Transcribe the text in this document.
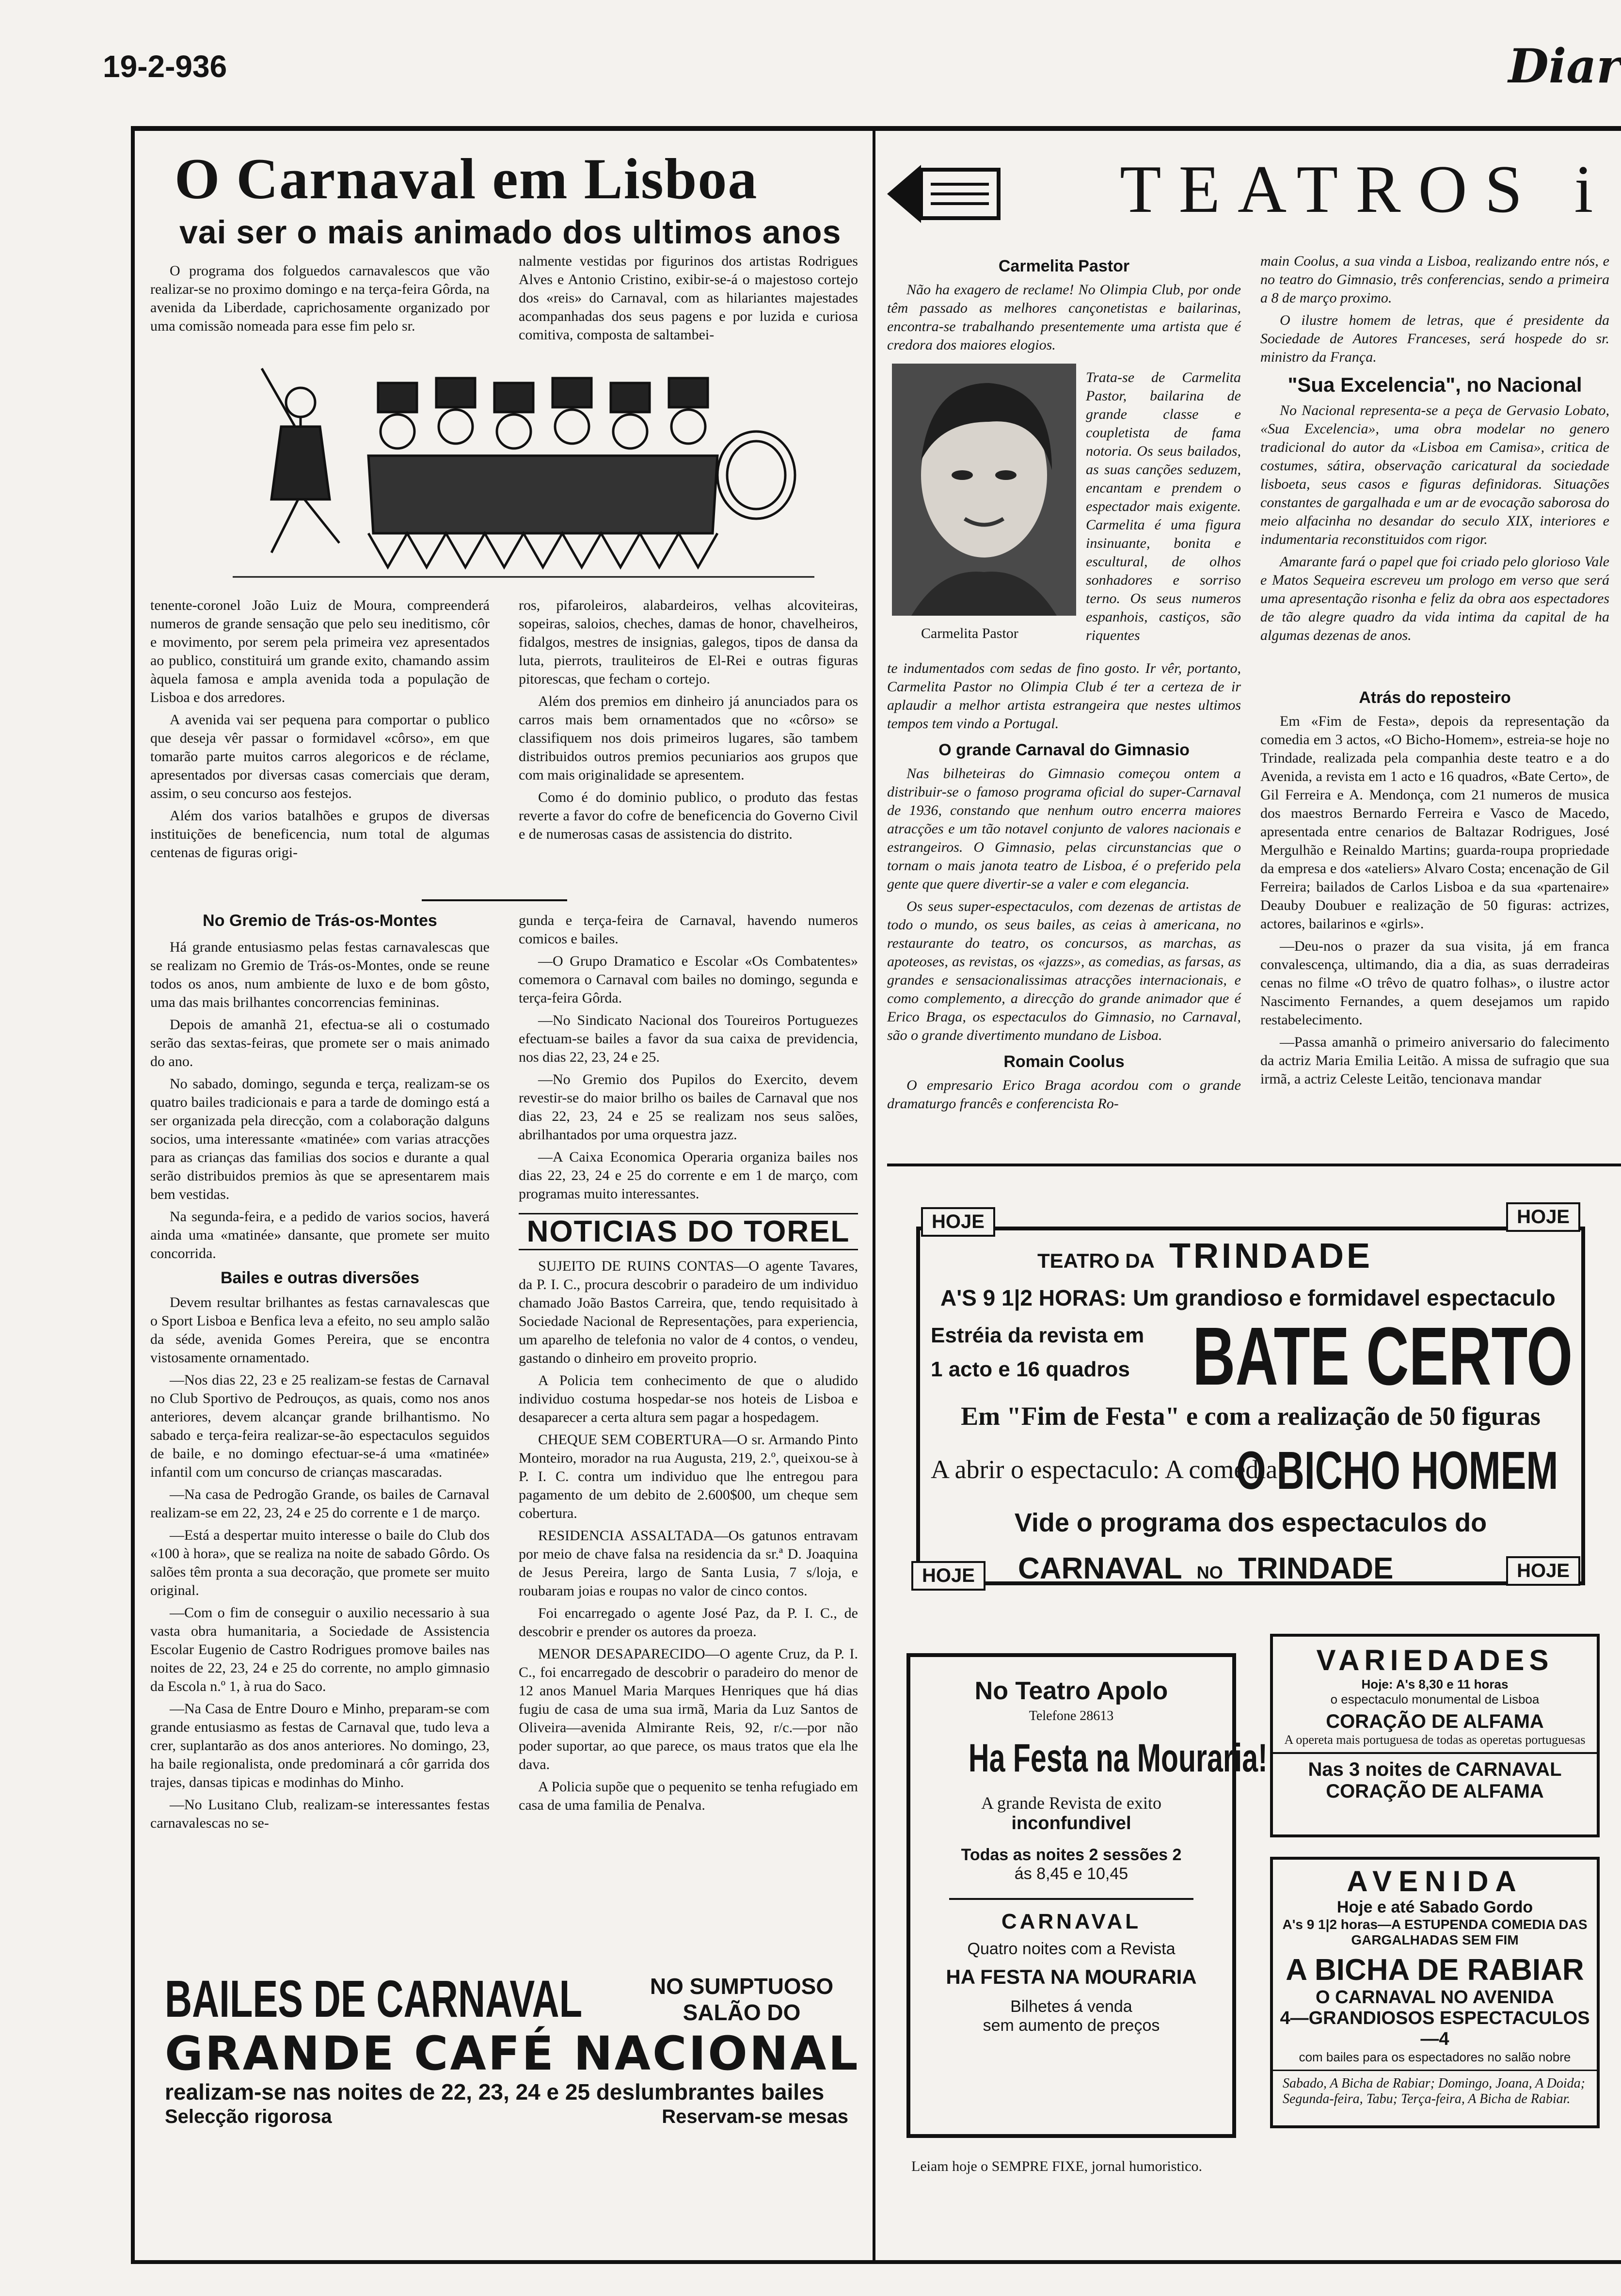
19-2-936	Diar
O Carnaval em Lisboa
vai ser o mais animado dos ultimos anos

O programa dos folguedos carnavalescos que vão realizar-se no proximo domingo e na terça-feira Gôrda, na avenida da Liberdade, caprichosamente organizado por uma comissão nomeada para esse fim pelo sr.

nalmente vestidas por figurinos dos artistas Rodrigues Alves e Antonio Cristino, exibir-se-á o majestoso cortejo dos «reis» do Carnaval, com as hilariantes majestades acompanhadas dos seus pagens e por luzida e curiosa comitiva, composta de saltambei-

tenente-coronel João Luiz de Moura, compreenderá numeros de grande sensação que pelo seu ineditismo, côr e movimento, por serem pela primeira vez apresentados ao publico, constituirá um grande exito, chamando assim àquela famosa e ampla avenida toda a população de Lisboa e dos arredores.

A avenida vai ser pequena para comportar o publico que deseja vêr passar o formidavel «côrso», em que tomarão parte muitos carros alegoricos e de réclame, apresentados por diversas casas comerciais que deram, assim, o seu concurso aos festejos.

Além dos varios batalhões e grupos de diversas instituições de beneficencia, num total de algumas centenas de figuras origi-

ros, pifaroleiros, alabardeiros, velhas alcoviteiras, sopeiras, saloios, cheches, damas de honor, chavelheiros, fidalgos, mestres de insignias, galegos, tipos de dansa da luta, pierrots, trauliteiros de El-Rei e outras figuras pitorescas, que fecham o cortejo.

Além dos premios em dinheiro já anunciados para os carros mais bem ornamentados que no «côrso» se classifiquem nos dois primeiros lugares, são tambem distribuidos outros premios pecuniarios aos grupos que com mais originalidade se apresentem.

Como é do dominio publico, o produto das festas reverte a favor do cofre de beneficencia do Governo Civil e de numerosas casas de assistencia do distrito.

No Gremio de Trás-os-Montes

Há grande entusiasmo pelas festas carnavalescas que se realizam no Gremio de Trás-os-Montes, onde se reune todos os anos, num ambiente de luxo e de bom gôsto, uma das mais brilhantes concorrencias femininas.

Depois de amanhã 21, efectua-se ali o costumado serão das sextas-feiras, que promete ser o mais animado do ano.

No sabado, domingo, segunda e terça, realizam-se os quatro bailes tradicionais e para a tarde de domingo está a ser organizada pela direcção, com a colaboração dalguns socios, uma interessante «matinée» com varias atracções para as crianças das familias dos socios e durante a qual serão distribuidos premios às que se apresentarem mais bem vestidas.

Na segunda-feira, e a pedido de varios socios, haverá ainda uma «matinée» dansante, que promete ser muito concorrida.

Bailes e outras diversões

Devem resultar brilhantes as festas carnavalescas que o Sport Lisboa e Benfica leva a efeito, no seu amplo salão da séde, avenida Gomes Pereira, que se encontra vistosamente ornamentado.

—Nos dias 22, 23 e 25 realizam-se festas de Carnaval no Club Sportivo de Pedrouços, as quais, como nos anos anteriores, devem alcançar grande brilhantismo. No sabado e terça-feira realizar-se-ão espectaculos seguidos de baile, e no domingo efectuar-se-á uma «matinée» infantil com um concurso de crianças mascaradas.

—Na casa de Pedrogão Grande, os bailes de Carnaval realizam-se em 22, 23, 24 e 25 do corrente e 1 de março.

—Está a despertar muito interesse o baile do Club dos «100 à hora», que se realiza na noite de sabado Gôrdo. Os salões têm pronta a sua decoração, que promete ser muito original.

—Com o fim de conseguir o auxilio necessario à sua vasta obra humanitaria, a Sociedade de Assistencia Escolar Eugenio de Castro Rodrigues promove bailes nas noites de 22, 23, 24 e 25 do corrente, no amplo gimnasio da Escola n.º 1, à rua do Saco.

—Na Casa de Entre Douro e Minho, preparam-se com grande entusiasmo as festas de Carnaval que, tudo leva a crer, suplantarão as dos anos anteriores. No domingo, 23, ha baile regionalista, onde predominará a côr garrida dos trajes, dansas tipicas e modinhas do Minho.

—No Lusitano Club, realizam-se interessantes festas carnavalescas no se-

gunda e terça-feira de Carnaval, havendo numeros comicos e bailes.

—O Grupo Dramatico e Escolar «Os Combatentes» comemora o Carnaval com bailes no domingo, segunda e terça-feira Gôrda.

—No Sindicato Nacional dos Toureiros Portuguezes efectuam-se bailes a favor da sua caixa de previdencia, nos dias 22, 23, 24 e 25.

—No Gremio dos Pupilos do Exercito, devem revestir-se do maior brilho os bailes de Carnaval que nos dias 22, 23, 24 e 25 se realizam nos seus salões, abrilhantados por uma orquestra jazz.

—A Caixa Economica Operaria organiza bailes nos dias 22, 23, 24 e 25 do corrente e em 1 de março, com programas muito interessantes.

NOTICIAS DO TOREL

SUJEITO DE RUINS CONTAS—O agente Tavares, da P. I. C., procura descobrir o paradeiro de um individuo chamado João Bastos Carreira, que, tendo requisitado à Sociedade Nacional de Representações, para experiencia, um aparelho de telefonia no valor de 4 contos, o vendeu, gastando o dinheiro em proveito proprio.

A Policia tem conhecimento de que o aludido individuo costuma hospedar-se nos hoteis de Lisboa e desaparecer a certa altura sem pagar a hospedagem.

CHEQUE SEM COBERTURA—O sr. Armando Pinto Monteiro, morador na rua Augusta, 219, 2.º, queixou-se à P. I. C. contra um individuo que lhe entregou para pagamento de um debito de 2.600$00, um cheque sem cobertura.

RESIDENCIA ASSALTADA—Os gatunos entravam por meio de chave falsa na residencia da sr.ª D. Joaquina de Jesus Pereira, largo de Santa Lusia, 7 s/loja, e roubaram joias e roupas no valor de cinco contos.

Foi encarregado o agente José Paz, da P. I. C., de descobrir e prender os autores da proeza.

MENOR DESAPARECIDO—O agente Cruz, da P. I. C., foi encarregado de descobrir o paradeiro do menor de 12 anos Manuel Maria Marques Henriques que há dias fugiu de casa de uma sua irmã, Maria da Luz Santos de Oliveira—avenida Almirante Reis, 92, r/c.—por não poder suportar, ao que parece, os maus tratos que ela lhe dava.

A Policia supõe que o pequenito se tenha refugiado em casa de uma familia de Penalva.

BAILES DE CARNAVAL	NO SUMPTUOSO
SALÃO DO
GRANDE CAFÉ NACIONAL
realizam-se nas noites de 22, 23, 24 e 25 deslumbrantes bailes
Selecção rigorosa	Reservam-se mesas
TEATROS i
Carmelita Pastor

Não ha exagero de reclame! No Olimpia Club, por onde têm passado as melhores cançonetistas e bailarinas, encontra-se trabalhando presentemente uma artista que é credora dos maiores elogios.

Carmelita Pastor

Trata-se de Carmelita Pastor, bailarina de grande classe e coupletista de fama notoria. Os seus bailados, as suas canções seduzem, encantam e prendem o espectador mais exigente. Carmelita é uma figura insinuante, bonita e escultural, de olhos sonhadores e sorriso terno. Os seus numeros espanhois, castiços, são riquentes

te indumentados com sedas de fino gosto. Ir vêr, portanto, Carmelita Pastor no Olimpia Club é ter a certeza de ir aplaudir a melhor artista estrangeira que nestes ultimos tempos tem vindo a Portugal.

O grande Carnaval do Gimnasio

Nas bilheteiras do Gimnasio começou ontem a distribuir-se o famoso programa oficial do super-Carnaval de 1936, constando que nenhum outro encerra maiores atracções e um tão notavel conjunto de valores nacionais e estrangeiros. O Gimnasio, pelas circunstancias que o tornam o mais janota teatro de Lisboa, é o preferido pela gente que quere divertir-se a valer e com elegancia.

Os seus super-espectaculos, com dezenas de artistas de todo o mundo, os seus bailes, as ceias à americana, no restaurante do teatro, os concursos, as marchas, as apoteoses, as revistas, os «jazzs», as comedias, as farsas, as grandes e sensacionalissimas atracções internacionais, e como complemento, a direcção do grande animador que é Erico Braga, os espectaculos do Gimnasio, no Carnaval, são o grande divertimento mundano de Lisboa.

Romain Coolus

O empresario Erico Braga acordou com o grande dramaturgo francês e conferencista Ro-

main Coolus, a sua vinda a Lisboa, realizando entre nós, e no teatro do Gimnasio, três conferencias, sendo a primeira a 8 de março proximo.

O ilustre homem de letras, que é presidente da Sociedade de Autores Franceses, será hospede do sr. ministro da França.

"Sua Excelencia", no Nacional

No Nacional representa-se a peça de Gervasio Lobato, «Sua Excelencia», uma obra modelar no genero tradicional do autor da «Lisboa em Camisa», critica de costumes, sátira, observação caricatural da sociedade lisboeta, seus casos e figuras definidoras. Situações constantes de gargalhada e um ar de evocação saborosa do meio alfacinha no desandar do seculo XIX, interiores e indumentaria reconstituidos com rigor.

Amarante fará o papel que foi criado pelo glorioso Vale e Matos Sequeira escreveu um prologo em verso que será uma apresentação risonha e feliz da obra aos espectadores de tão alegre quadro da vida intima da capital de ha algumas dezenas de anos.

Atrás do reposteiro

Em «Fim de Festa», depois da representação da comedia em 3 actos, «O Bicho-Homem», estreia-se hoje no Trindade, realizada pela companhia deste teatro e a do Avenida, a revista em 1 acto e 16 quadros, «Bate Certo», de Gil Ferreira e A. Mendonça, com 21 numeros de musica dos maestros Bernardo Ferreira e Vasco de Macedo, apresentada entre cenarios de Baltazar Rodrigues, José Mergulhão e Reinaldo Martins; guarda-roupa propriedade da empresa e dos «ateliers» Alvaro Costa; encenação de Gil Ferreira; bailados de Carlos Lisboa e da sua «partenaire» Deauby Doubuer e realização de 50 figuras: actrizes, actores, bailarinos e «girls».

—Deu-nos o prazer da sua visita, já em franca convalescença, ultimando, dia a dia, as suas derradeiras cenas no filme «O trêvo de quatro folhas», o ilustre actor Nascimento Fernandes, a quem desejamos um rapido restabelecimento.

—Passa amanhã o primeiro aniversario do falecimento da actriz Maria Emilia Leitão. A missa de sufragio que sua irmã, a actriz Celeste Leitão, tencionava mandar

HOJE	HOJE
HOJE	HOJE
TEATRO DA TRINDADE
A'S 9 1|2 HORAS: Um grandioso e formidavel espectaculo
Estréia da revista em
1 acto e 16 quadros BATE CERTO
Em "Fim de Festa" e com a realização de 50 figuras
A abrir o espectaculo: A comedia
O BICHO HOMEM
Vide o programa dos espectaculos do
CARNAVAL NO TRINDADE
No Teatro Apolo
Telefone 28613
Ha Festa na Mouraria!
A grande Revista de exito
inconfundivel
Todas as noites 2 sessões 2
ás 8,45 e 10,45
CARNAVAL
Quatro noites com a Revista
HA FESTA NA MOURARIA
Bilhetes á venda
sem aumento de preços

Leiam hoje o SEMPRE FIXE, jornal humoristico.

VARIEDADES
Hoje: A's 8,30 e 11 horas
o espectaculo monumental de Lisboa
CORAÇÃO DE ALFAMA
A opereta mais portuguesa de todas as operetas portuguesas
Nas 3 noites de CARNAVAL
CORAÇÃO DE ALFAMA
AVENIDA
Hoje e até Sabado Gordo
A's 9 1|2 horas—A ESTUPENDA COMEDIA DAS GARGALHADAS SEM FIM
A BICHA DE RABIAR
O CARNAVAL NO AVENIDA
4—GRANDIOSOS ESPECTACULOS—4
com bailes para os espectadores no salão nobre
Sabado, A Bicha de Rabiar; Domingo, Joana, A Doida; Segunda-feira, Tabu; Terça-feira, A Bicha de Rabiar.
